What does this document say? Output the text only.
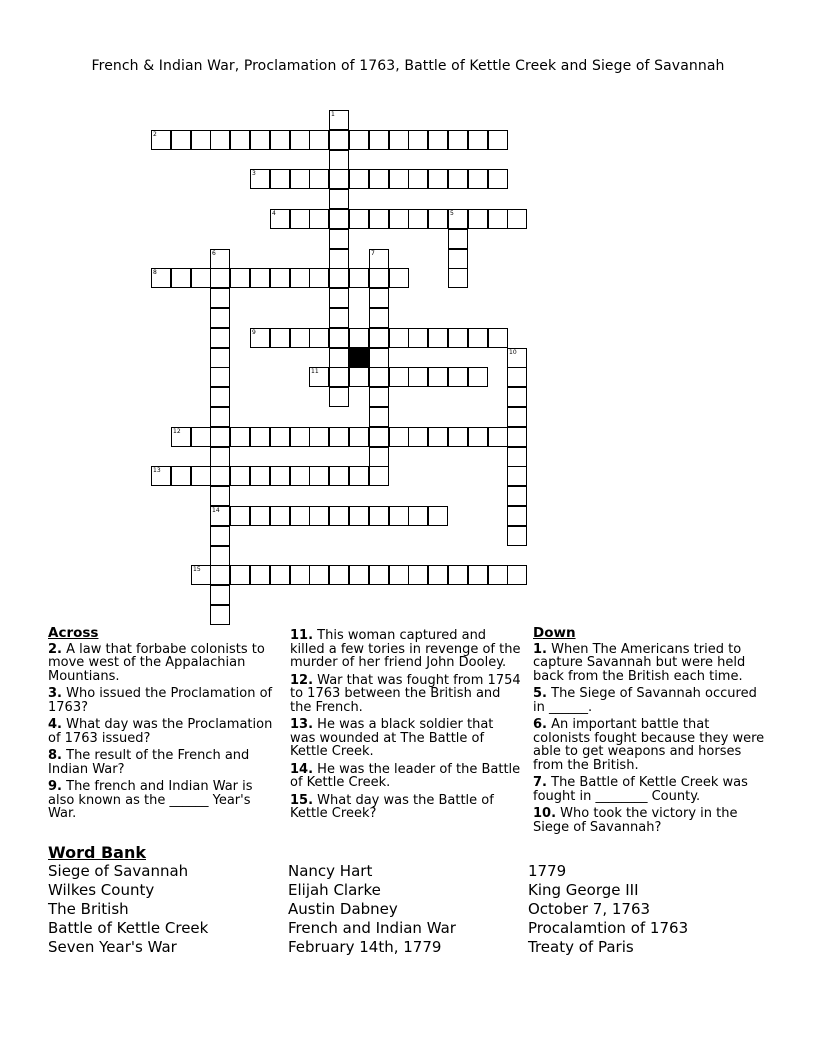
French & Indian War, Proclamation of 1763, Battle of Kettle Creek and Siege of Savannah
1
2
3
4	5
6
14
7
8
9
10
11
12
13
15
Across
2. A law that forbabe colonists to move west of the Appalachian Mountians.
3. Who issued the Proclamation of 1763?
4. What day was the Proclamation of 1763 issued?
8. The result of the French and Indian War?
9. The french and Indian War is also known as the ______ Year's War.
11. This woman captured and killed a few tories in revenge of the murder of her friend John Dooley.
12. War that was fought from 1754 to 1763 between the British and the French.
13. He was a black soldier that was wounded at The Battle of Kettle Creek.
14. He was the leader of the Battle of Kettle Creek.
15. What day was the Battle of Kettle Creek?
Down
1. When The Americans tried to capture Savannah but were held back from the British each time.
5. The Siege of Savannah occured in ______.
6. An important battle that colonists fought because they were able to get weapons and horses from the British.
7. The Battle of Kettle Creek was fought in ________ County.
10. Who took the victory in the Siege of Savannah?
Word Bank
Siege of Savannah
Wilkes County
The British
Battle of Kettle Creek
Seven Year's War
Nancy Hart
Elijah Clarke
Austin Dabney
French and Indian War
February 14th, 1779
1779
King George III
October 7, 1763
Procalamtion of 1763
Treaty of Paris
